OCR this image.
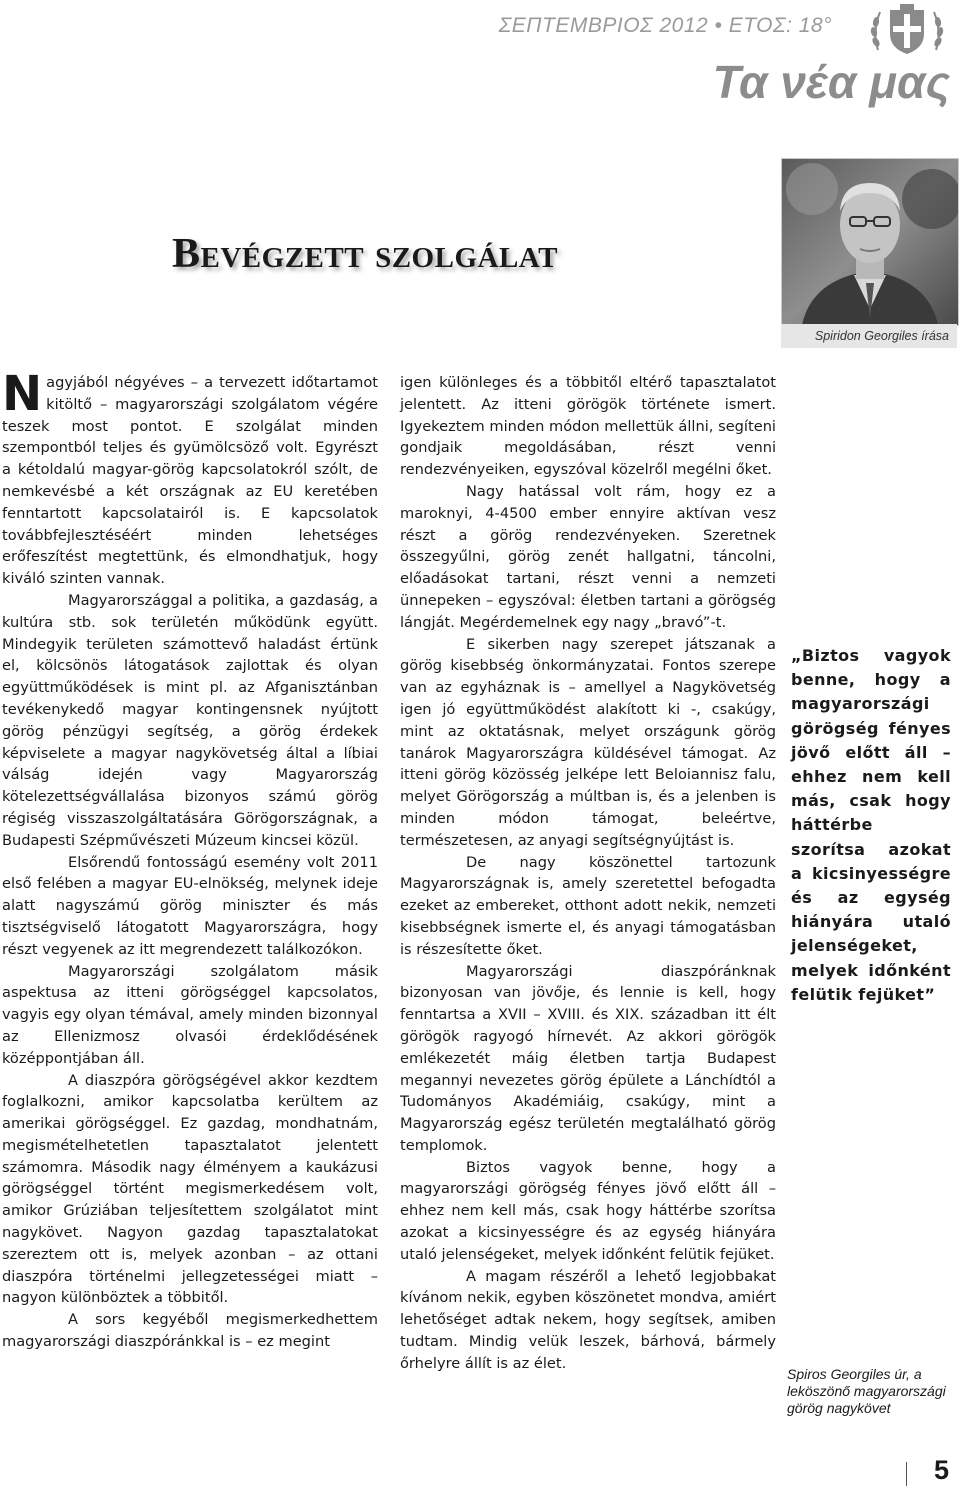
ΣΕΠΤΕΜΒΡΙΟΣ 2012 • ΕΤΟΣ: 18°
Τα νέα μας
Bevégzett szolgálat
Spiridon Georgiles írása

Nagyjából négyéves – a tervezett időtartamot kitöltő – magyarországi szolgálatom végére teszek most pontot. E szolgálat minden szempontból teljes és gyümölcsöző volt. Egyrészt a kétoldalú magyar-görög kapcsolatokról szólt, de nemkevésbé a két országnak az EU keretében fenntartott kapcsolatairól is. E kapcsolatok továbbfejlesztéséért minden lehetséges erőfeszítést megtettünk, és elmondhatjuk, hogy kiváló szinten vannak.

Magyarországgal a politika, a gazdaság, a kultúra stb. sok területén működünk együtt. Mindegyik területen számottevő haladást értünk el, kölcsönös látogatások zajlottak és olyan együttműködések is mint pl. az Afganisztánban tevékenykedő magyar kontingensnek nyújtott görög pénzügyi segítség, a görög érdekek képviselete a magyar nagykövetség által a líbiai válság idején vagy Magyarország kötelezettségvállalása bizonyos számú görög régiség visszaszolgáltatására Görögországnak, a Budapesti Szépművészeti Múzeum kincsei közül.

Elsőrendű fontosságú esemény volt 2011 első felében a magyar EU-elnökség, melynek ideje alatt nagyszámú görög miniszter és más tisztségviselő látogatott Magyarországra, hogy részt vegyenek az itt megrendezett találkozókon.

Magyarországi szolgálatom másik aspektusa az itteni görögséggel kapcsolatos, vagyis egy olyan témával, amely minden bizonnyal az Ellenizmosz olvasói érdeklődésének középpontjában áll.

A diaszpóra görögségével akkor kezdtem foglalkozni, amikor kapcsolatba kerültem az amerikai görögséggel. Ez gazdag, mondhatnám, megismételhetetlen tapasztalatot jelentett számomra. Második nagy élményem a kaukázusi görögséggel történt megismerkedésem volt, amikor Grúziában teljesítettem szolgálatot mint nagykövet. Nagyon gazdag tapasztalatokat szereztem ott is, melyek azonban – az ottani diaszpóra történelmi jellegzetességei miatt – nagyon különböztek a többitől.

A sors kegyéből megismerkedhettem magyarországi diaszpóránkkal is – ez megint

igen különleges és a többitől eltérő tapasztalatot jelentett. Az itteni görögök története ismert. Igyekeztem minden módon mellettük állni, segíteni gondjaik megoldásában, részt venni rendezvényeiken, egyszóval közelről megélni őket.

Nagy hatással volt rám, hogy ez a maroknyi, 4-4500 ember ennyire aktívan vesz részt a görög rendezvényeken. Szeretnek összegyűlni, görög zenét hallgatni, táncolni, előadásokat tartani, részt venni a nemzeti ünnepeken – egyszóval: életben tartani a görögség lángját. Megérdemelnek egy nagy „bravó”-t.

E sikerben nagy szerepet játszanak a görög kisebbség önkormányzatai. Fontos szerepe van az egyháznak is – amellyel a Nagykövetség igen jó együttműködést alakított ki -, csakúgy, mint az oktatásnak, melyet országunk görög tanárok Magyarországra küldésével támogat. Az itteni görög közösség jelképe lett Beloiannisz falu, melyet Görögország a múltban is, és a jelenben is minden módon támogat, beleértve, természetesen, az anyagi segítségnyújtást is.

De nagy köszönettel tartozunk Magyarországnak is, amely szeretettel befogadta ezeket az embereket, otthont adott nekik, nemzeti kisebbségnek ismerte el, és anyagi támogatásban is részesítette őket.

Magyarországi diaszpóránknak bizonyosan van jövője, és lennie is kell, hogy fenntartsa a XVII – XVIII. és XIX. században itt élt görögök ragyogó hírnevét. Az akkori görögök emlékezetét máig életben tartja Budapest megannyi nevezetes görög épülete a Lánchídtól a Tudományos Akadémiáig, csakúgy, mint a Magyarország egész területén megtalálható görög templomok.

Biztos vagyok benne, hogy a magyarországi görögség fényes jövő előtt áll – ehhez nem kell más, csak hogy háttérbe szorítsa azokat a kicsinyességre és az egység hiányára utaló jelenségeket, melyek időnként felütik fejüket.

A magam részéről a lehető legjobbakat kívánom nekik, egyben köszönetet mondva, amiért lehetőséget adtak nekem, hogy segítsek, amiben tudtam. Mindig velük leszek, bárhová, bármely őrhelyre állít is az élet.

„Biztos vagyok benne, hogy a magyarországi görögség fényes jövő előtt áll – ehhez nem kell más, csak hogy háttérbe szorítsa azokat a kicsinyességre és az egység hiányára utaló jelenségeket, melyek időnként felütik fejüket”
Spiros Georgiles úr, a leköszönő magyarországi görög nagykövet
5
